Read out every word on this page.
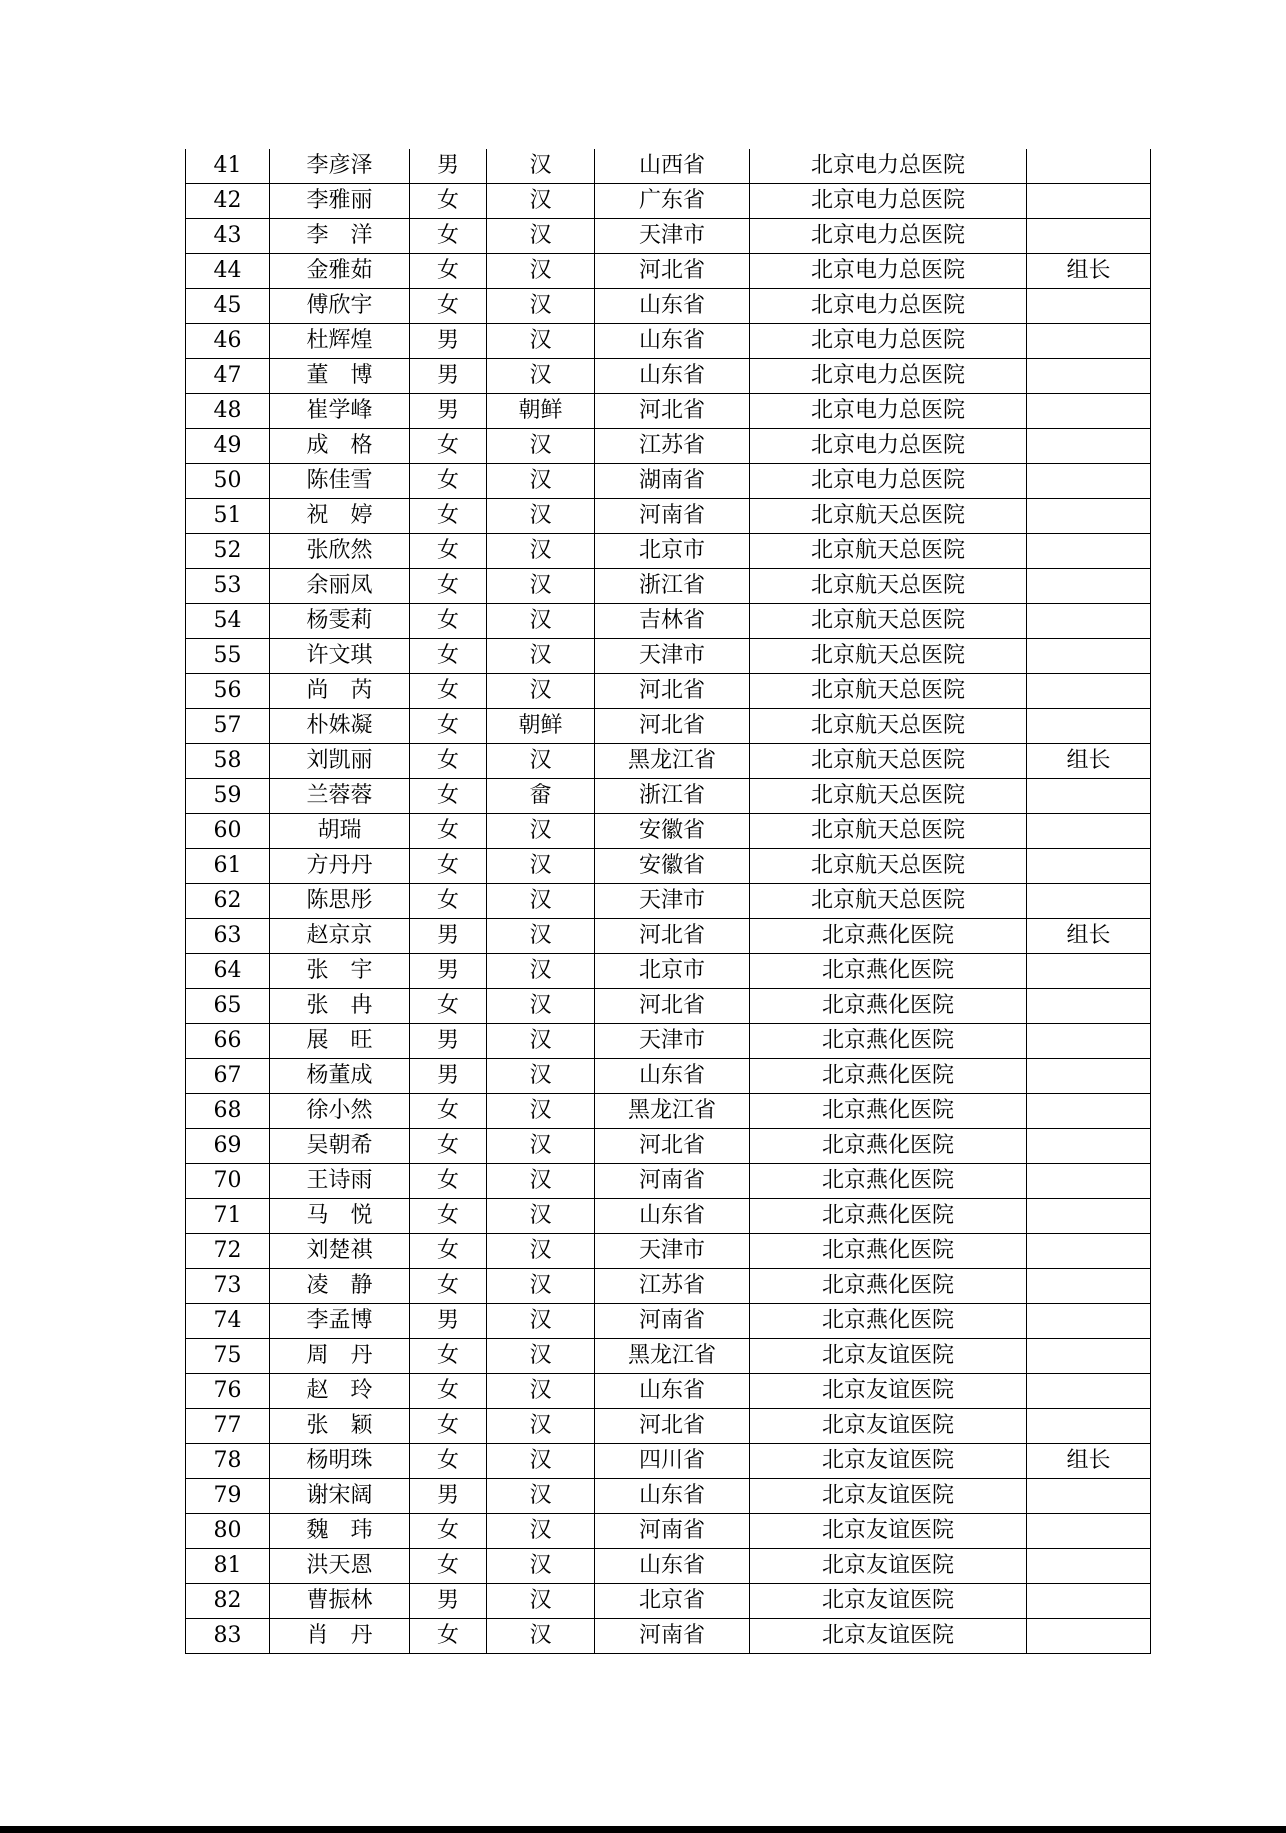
41	李彦泽	男	汉	山西省	北京电力总医院	
42	李雅丽	女	汉	广东省	北京电力总医院	
43	李　洋	女	汉	天津市	北京电力总医院	
44	金雅茹	女	汉	河北省	北京电力总医院	组长
45	傅欣宇	女	汉	山东省	北京电力总医院	
46	杜辉煌	男	汉	山东省	北京电力总医院	
47	董　博	男	汉	山东省	北京电力总医院	
48	崔学峰	男	朝鲜	河北省	北京电力总医院	
49	成　格	女	汉	江苏省	北京电力总医院	
50	陈佳雪	女	汉	湖南省	北京电力总医院	
51	祝　婷	女	汉	河南省	北京航天总医院	
52	张欣然	女	汉	北京市	北京航天总医院	
53	余丽凤	女	汉	浙江省	北京航天总医院	
54	杨雯莉	女	汉	吉林省	北京航天总医院	
55	许文琪	女	汉	天津市	北京航天总医院	
56	尚　芮	女	汉	河北省	北京航天总医院	
57	朴姝凝	女	朝鲜	河北省	北京航天总医院	
58	刘凯丽	女	汉	黑龙江省	北京航天总医院	组长
59	兰蓉蓉	女	畲	浙江省	北京航天总医院	
60	胡瑞	女	汉	安徽省	北京航天总医院	
61	方丹丹	女	汉	安徽省	北京航天总医院	
62	陈思彤	女	汉	天津市	北京航天总医院	
63	赵京京	男	汉	河北省	北京燕化医院	组长
64	张　宇	男	汉	北京市	北京燕化医院	
65	张　冉	女	汉	河北省	北京燕化医院	
66	展　旺	男	汉	天津市	北京燕化医院	
67	杨董成	男	汉	山东省	北京燕化医院	
68	徐小然	女	汉	黑龙江省	北京燕化医院	
69	吴朝希	女	汉	河北省	北京燕化医院	
70	王诗雨	女	汉	河南省	北京燕化医院	
71	马　悦	女	汉	山东省	北京燕化医院	
72	刘楚祺	女	汉	天津市	北京燕化医院	
73	凌　静	女	汉	江苏省	北京燕化医院	
74	李孟博	男	汉	河南省	北京燕化医院	
75	周　丹	女	汉	黑龙江省	北京友谊医院	
76	赵　玲	女	汉	山东省	北京友谊医院	
77	张　颖	女	汉	河北省	北京友谊医院	
78	杨明珠	女	汉	四川省	北京友谊医院	组长
79	谢宋阔	男	汉	山东省	北京友谊医院	
80	魏　玮	女	汉	河南省	北京友谊医院	
81	洪天恩	女	汉	山东省	北京友谊医院	
82	曹振林	男	汉	北京省	北京友谊医院	
83	肖　丹	女	汉	河南省	北京友谊医院	
